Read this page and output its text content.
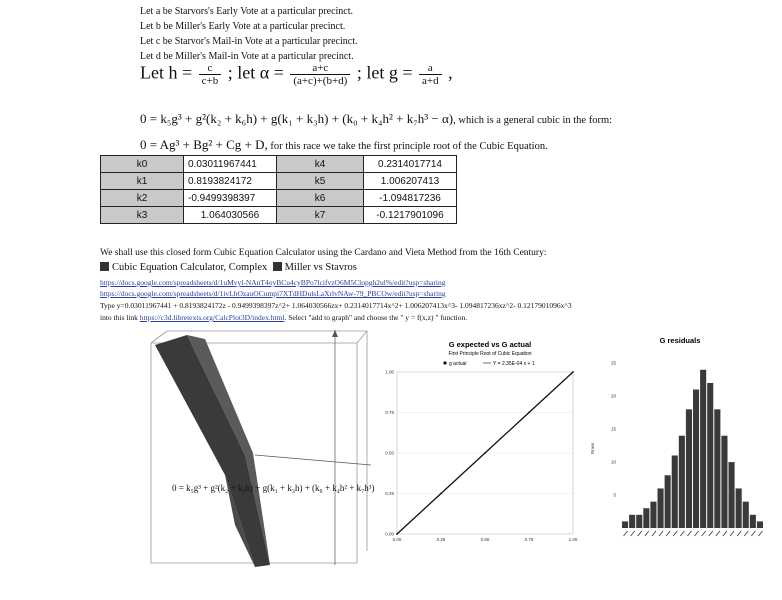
Let a be Starvors's Early Vote at a particular precinct.
Let b be Miller's Early Vote at a particular precinct.
Let c be Starvor's Mail-in Vote at a particular precinct.
Let d be Miller's Mail-in Vote at a particular precinct.
Let $h = \frac{c}{c+b}$ ; let $\alpha = \frac{a+c}{(a+c)+(b+d)}$ ; let $g = \frac{a}{a+d}$ ,
0 = k₅g³ + g²(k₂ + k₆h) + g(k₁ + k₃h) + (k₀ + k₄h² + k₇h³ − α), which is a general cubic in the form:
0 = Ag³ + Bg² + Cg + D, for this race we take the first principle root of the Cubic Equation.
k0	0.03011967441	k4	0.2314017714
k1	0.8193824172	k5	1.006207413
k2	-0.9499398397	k6	-1.094817236
k3	1.064030566	k7	-0.1217901096
We shall use this closed form Cubic Equation Calculator using the Cardano and Vieta Method from the 16th Century:
Cubic Equation Calculator, Complex Miller vs Stavros
https://docs.google.com/spreadsheets/d/1uMvyl-NAnT4oyBCu4cyBPo7lcifvzO6M5Clopgh2ul%/edit?usp=sharing
https://docs.google.com/spreadsheets/d/1ivLhOzauOCumpi7XTdHDulsLaXrlvNAw-79_PBCOw/edit?usp=sharing
Type y=0.03011967441 + 0.8193824172z - 0.9499398397z^2+ 1.064030566zx+ 0.2314017714x^2+ 1.006207413x^3- 1.094817236xz^2- 0.1217901096x^3
into this link https://c3d.libretexts.org/CalcPlot3D/index.html. Select "add to graph" and choose the " y = f(x,z) " function.
0 = k₅g³ + g²(k₂ + k₆h) + g(k₁ + k₃h) + (k₀ + k₄h² + k₇h³)
G expected vs G actual
First Principle Root of Cubic Equation
g actual	Y = 2.35E-04 x + 1
0.00
0.25
0.50
0.75
1.00
0.00	0.25	0.50	0.75	1.00
G residuals
Rows
5
10
15
20
25
